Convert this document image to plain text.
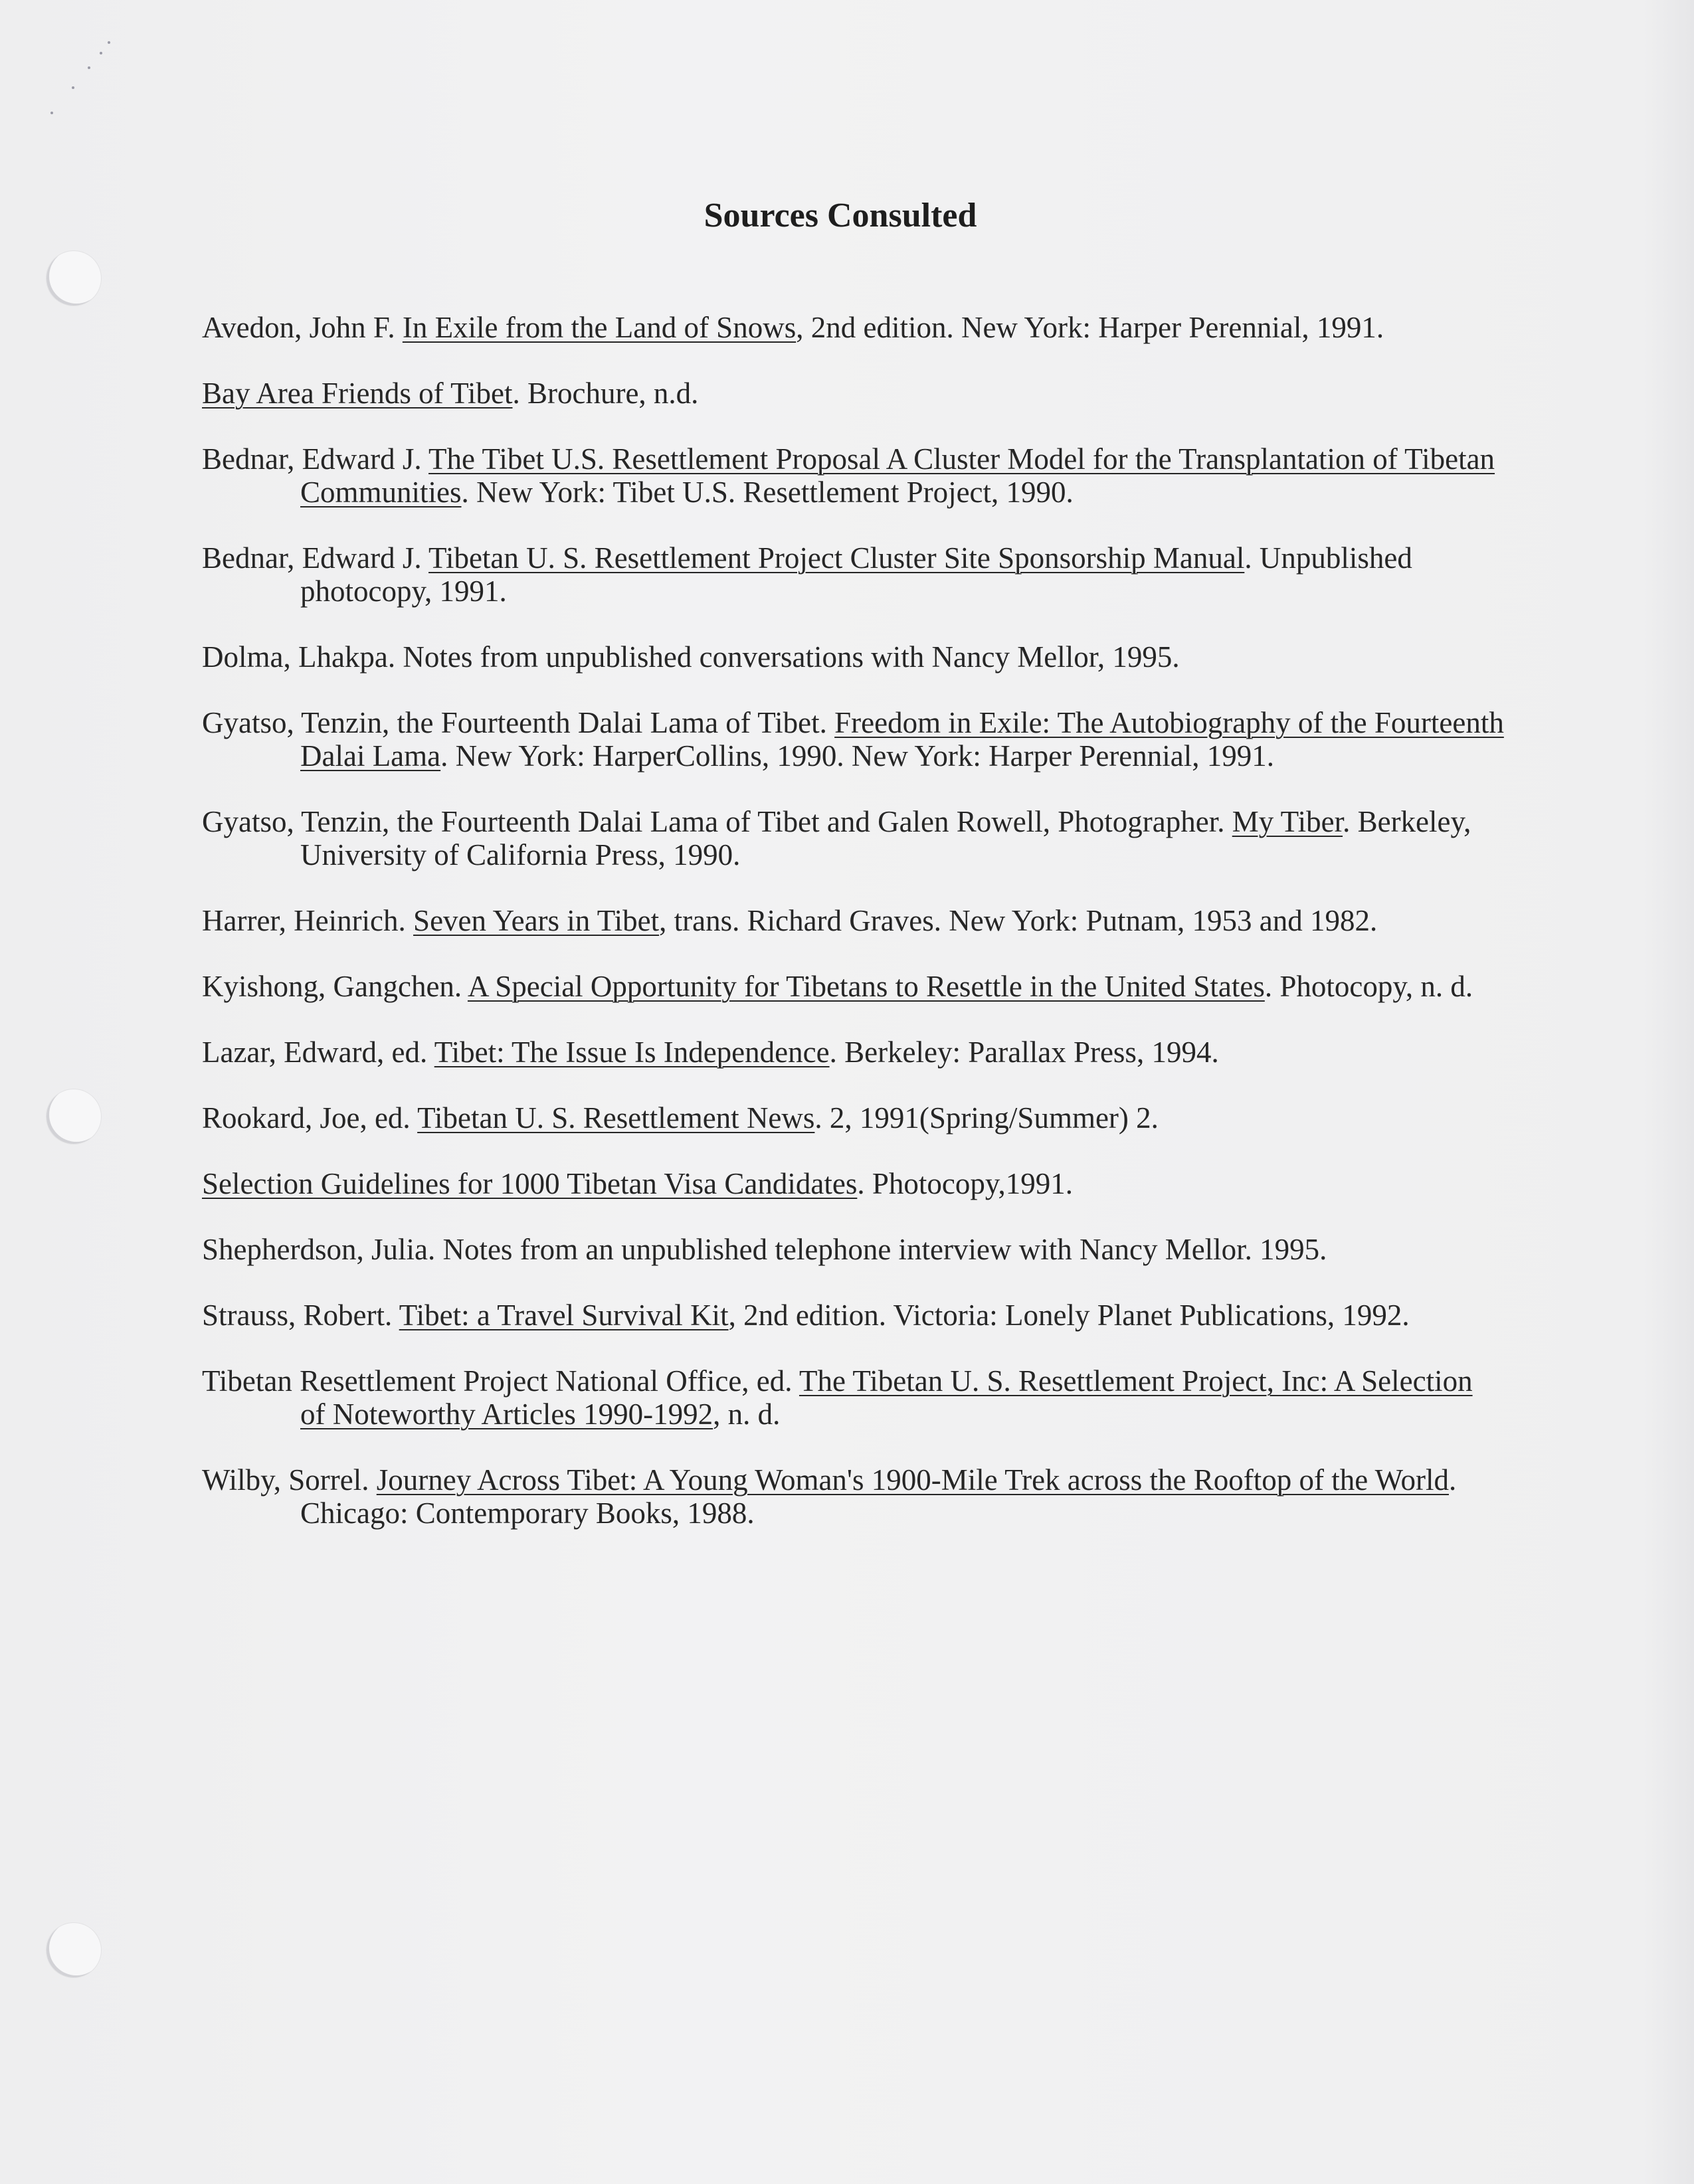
Sources Consulted
Avedon, John F. In Exile from the Land of Snows, 2nd edition. New York: Harper Perennial, 1991.
Bay Area Friends of Tibet. Brochure, n.d.
Bednar, Edward J. The Tibet U.S. Resettlement Proposal A Cluster Model for the Transplantation of Tibetan Communities. New York: Tibet U.S. Resettlement Project, 1990.
Bednar, Edward J. Tibetan U. S. Resettlement Project Cluster Site Sponsorship Manual. Unpublished photocopy, 1991.
Dolma, Lhakpa. Notes from unpublished conversations with Nancy Mellor, 1995.
Gyatso, Tenzin, the Fourteenth Dalai Lama of Tibet. Freedom in Exile: The Autobiography of the Fourteenth Dalai Lama. New York: HarperCollins, 1990. New York: Harper Perennial, 1991.
Gyatso, Tenzin, the Fourteenth Dalai Lama of Tibet and Galen Rowell, Photographer. My Tiber. Berkeley, University of California Press, 1990.
Harrer, Heinrich. Seven Years in Tibet, trans. Richard Graves. New York: Putnam, 1953 and 1982.
Kyishong, Gangchen. A Special Opportunity for Tibetans to Resettle in the United States. Photocopy, n. d.
Lazar, Edward, ed. Tibet: The Issue Is Independence. Berkeley: Parallax Press, 1994.
Rookard, Joe, ed. Tibetan U. S. Resettlement News. 2, 1991(Spring/Summer) 2.
Selection Guidelines for 1000 Tibetan Visa Candidates. Photocopy,1991.
Shepherdson, Julia. Notes from an unpublished telephone interview with Nancy Mellor. 1995.
Strauss, Robert. Tibet: a Travel Survival Kit, 2nd edition. Victoria: Lonely Planet Publications, 1992.
Tibetan Resettlement Project National Office, ed. The Tibetan U. S. Resettlement Project, Inc: A Selection of Noteworthy Articles 1990-1992, n. d.
Wilby, Sorrel. Journey Across Tibet: A Young Woman's 1900-Mile Trek across the Rooftop of the World. Chicago: Contemporary Books, 1988.
